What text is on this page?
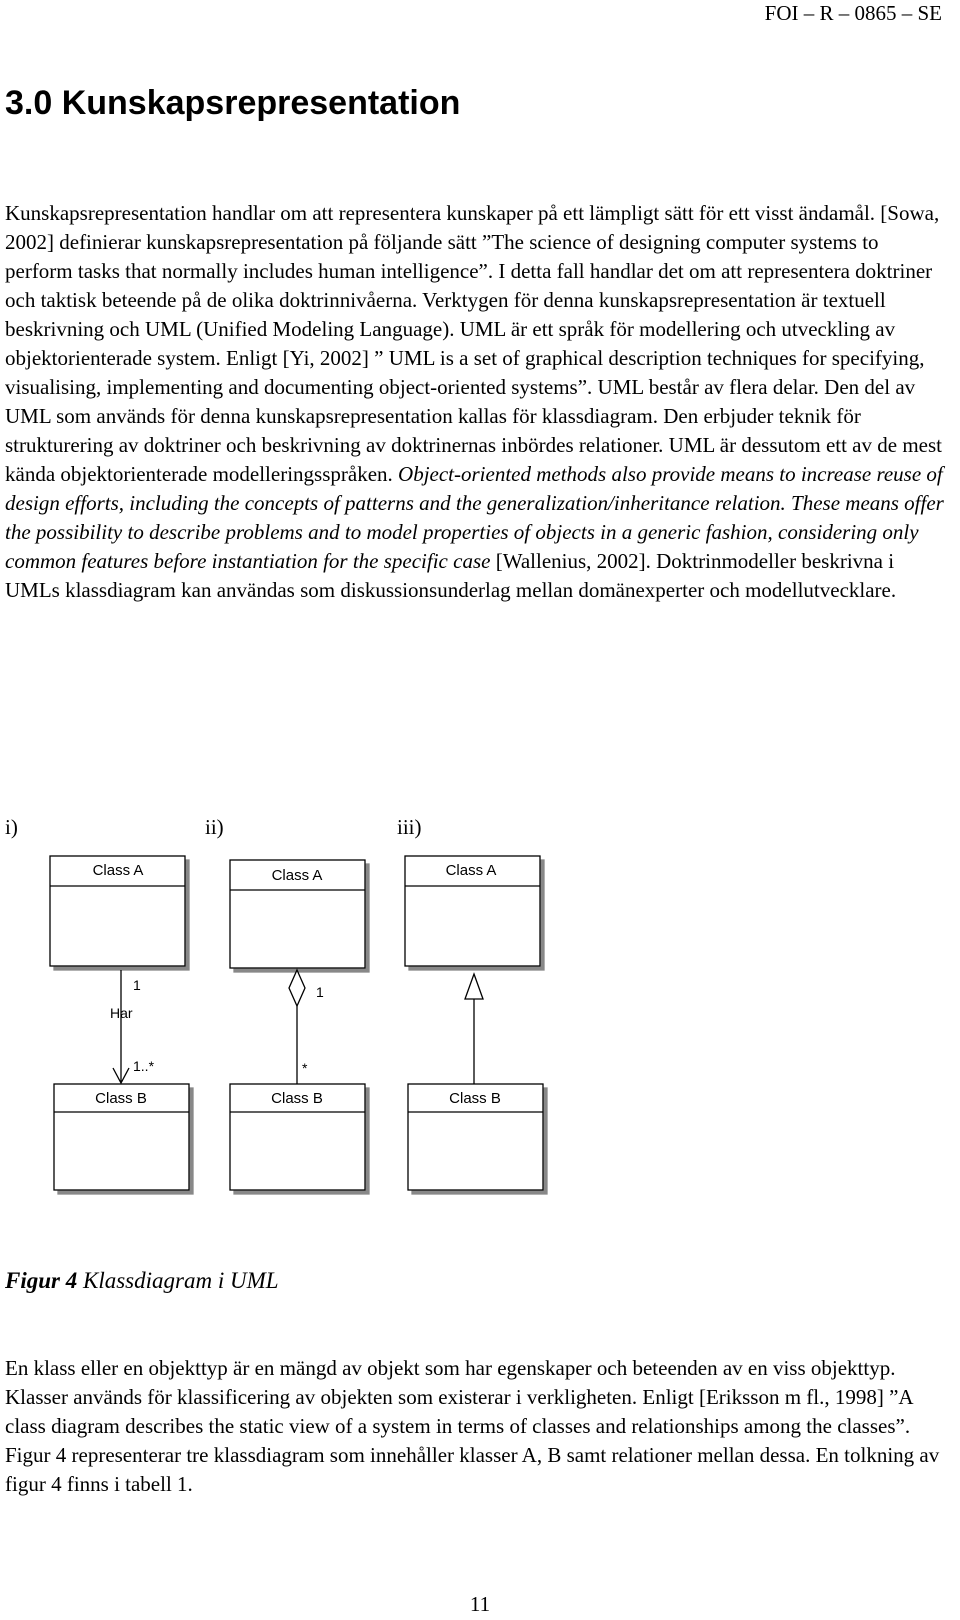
FOI – R – 0865 – SE
3.0 Kunskapsrepresentation

Kunskapsrepresentation handlar om att representera kunskaper på ett lämpligt sätt för ett visst ändamål. [Sowa, 2002] definierar kunskapsrepresentation på följande sätt ”The science of designing computer systems to perform tasks that normally includes human intelligence”. I detta fall handlar det om att representera doktriner och taktisk beteende på de olika doktrinnivåerna. Verktygen för denna kunskapsrepresentation är textuell beskrivning och UML (Unified Modeling Language). UML är ett språk för modellering och utveckling av objektorienterade system. Enligt [Yi, 2002] ” UML is a set of graphical description techniques for specifying, visualising, implementing and documenting object-oriented systems”. UML består av flera delar. Den del av UML som används för denna kunskapsrepresentation kallas för klassdiagram. Den erbjuder teknik för strukturering av doktriner och beskrivning av doktrinernas inbördes relationer. UML är dessutom ett av de mest kända objektorienterade modelleringsspråken. Object-oriented methods also provide means to increase reuse of design efforts, including the concepts of patterns and the generalization/inheritance relation. These means offer the possibility to describe problems and to model properties of objects in a generic fashion, considering only common features before instantiation for the specific case [Wallenius, 2002]. Doktrinmodeller beskrivna i UMLs klassdiagram kan användas som diskussionsunderlag mellan domänexperter och modellutvecklare.

i)	ii)	iii)
Class A
Class B
1
Har
1..*
Class A
Class B
1
*
Class A
Class B
Figur 4 Klassdiagram i UML

En klass eller en objekttyp är en mängd av objekt som har egenskaper och beteenden av en viss objekttyp. Klasser används för klassificering av objekten som existerar i verkligheten. Enligt [Eriksson m fl., 1998] ”A class diagram describes the static view of a system in terms of classes and relationships among the classes”. Figur 4 representerar tre klassdiagram som innehåller klasser A, B samt relationer mellan dessa. En tolkning av figur 4 finns i tabell 1.

11
